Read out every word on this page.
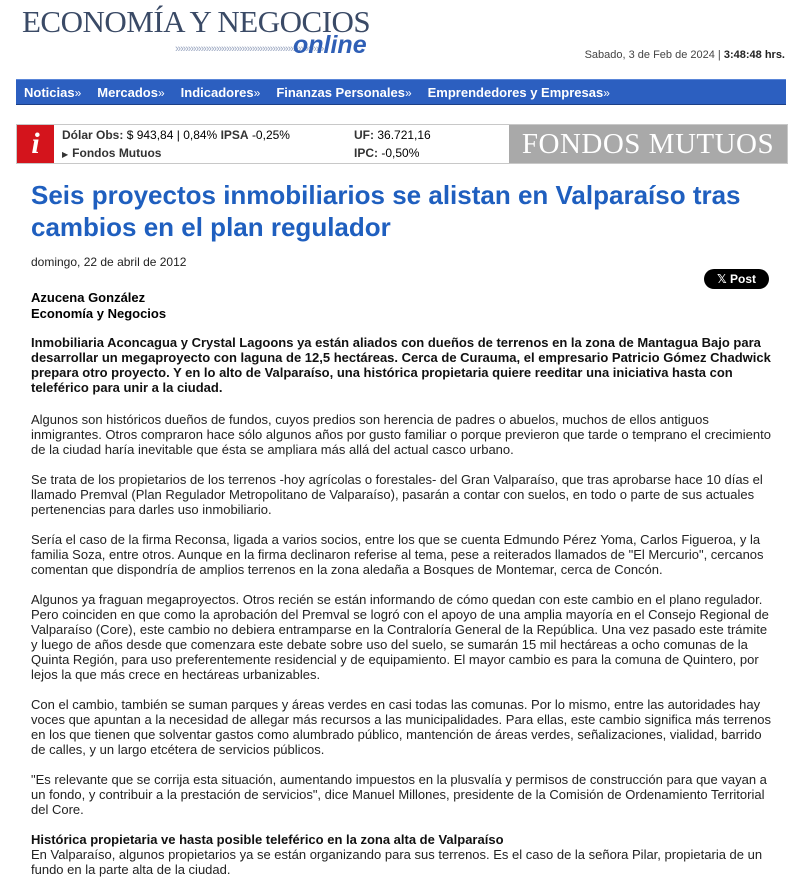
ECONOMÍA Y NEGOCIOS
»»»»»»»»»»»»»»»»»»»»»»»»»»»»»
online	Sabado, 3 de Feb de 2024 | 3:48:48 hrs.
Noticias»	Mercados»	Indicadores»	Finanzas Personales»	Emprendedores y Empresas»
i	Dólar Obs: $ 943,84 | 0,84% IPSA -0,25%
▶ Fondos Mutuos
UF: 36.721,16
IPC: -0,50%	FONDOS MUTUOS
Seis proyectos inmobiliarios se alistan en Valparaíso tras cambios en el plan regulador
domingo, 22 de abril de 2012
𝕏 Post
Azucena González
Economía y Negocios

Inmobiliaria Aconcagua y Crystal Lagoons ya están aliados con dueños de terrenos en la zona de Mantagua Bajo para desarrollar un megaproyecto con laguna de 12,5 hectáreas. Cerca de Curauma, el empresario Patricio Gómez Chadwick prepara otro proyecto. Y en lo alto de Valparaíso, una histórica propietaria quiere reeditar una iniciativa hasta con teleférico para unir a la ciudad.

Algunos son históricos dueños de fundos, cuyos predios son herencia de padres o abuelos, muchos de ellos antiguos inmigrantes. Otros compraron hace sólo algunos años por gusto familiar o porque previeron que tarde o temprano el crecimiento de la ciudad haría inevitable que ésta se ampliara más allá del actual casco urbano.

Se trata de los propietarios de los terrenos -hoy agrícolas o forestales- del Gran Valparaíso, que tras aprobarse hace 10 días el llamado Premval (Plan Regulador Metropolitano de Valparaíso), pasarán a contar con suelos, en todo o parte de sus actuales pertenencias para darles uso inmobiliario.

Sería el caso de la firma Reconsa, ligada a varios socios, entre los que se cuenta Edmundo Pérez Yoma, Carlos Figueroa, y la familia Soza, entre otros. Aunque en la firma declinaron referise al tema, pese a reiterados llamados de "El Mercurio", cercanos comentan que dispondría de amplios terrenos en la zona aledaña a Bosques de Montemar, cerca de Concón.

Algunos ya fraguan megaproyectos. Otros recién se están informando de cómo quedan con este cambio en el plano regulador. Pero coinciden en que como la aprobación del Premval se logró con el apoyo de una amplia mayoría en el Consejo Regional de Valparaíso (Core), este cambio no debiera entramparse en la Contraloría General de la República. Una vez pasado este trámite y luego de años desde que comenzara este debate sobre uso del suelo, se sumarán 15 mil hectáreas a ocho comunas de la Quinta Región, para uso preferentemente residencial y de equipamiento. El mayor cambio es para la comuna de Quintero, por lejos la que más crece en hectáreas urbanizables.

Con el cambio, también se suman parques y áreas verdes en casi todas las comunas. Por lo mismo, entre las autoridades hay voces que apuntan a la necesidad de allegar más recursos a las municipalidades. Para ellas, este cambio significa más terrenos en los que tienen que solventar gastos como alumbrado público, mantención de áreas verdes, señalizaciones, vialidad, barrido de calles, y un largo etcétera de servicios públicos.

"Es relevante que se corrija esta situación, aumentando impuestos en la plusvalía y permisos de construcción para que vayan a un fondo, y contribuir a la prestación de servicios", dice Manuel Millones, presidente de la Comisión de Ordenamiento Territorial del Core.

Histórica propietaria ve hasta posible teleférico en la zona alta de Valparaíso

En Valparaíso, algunos propietarios ya se están organizando para sus terrenos. Es el caso de la señora Pilar, propietaria de un fundo en la parte alta de la ciudad.
